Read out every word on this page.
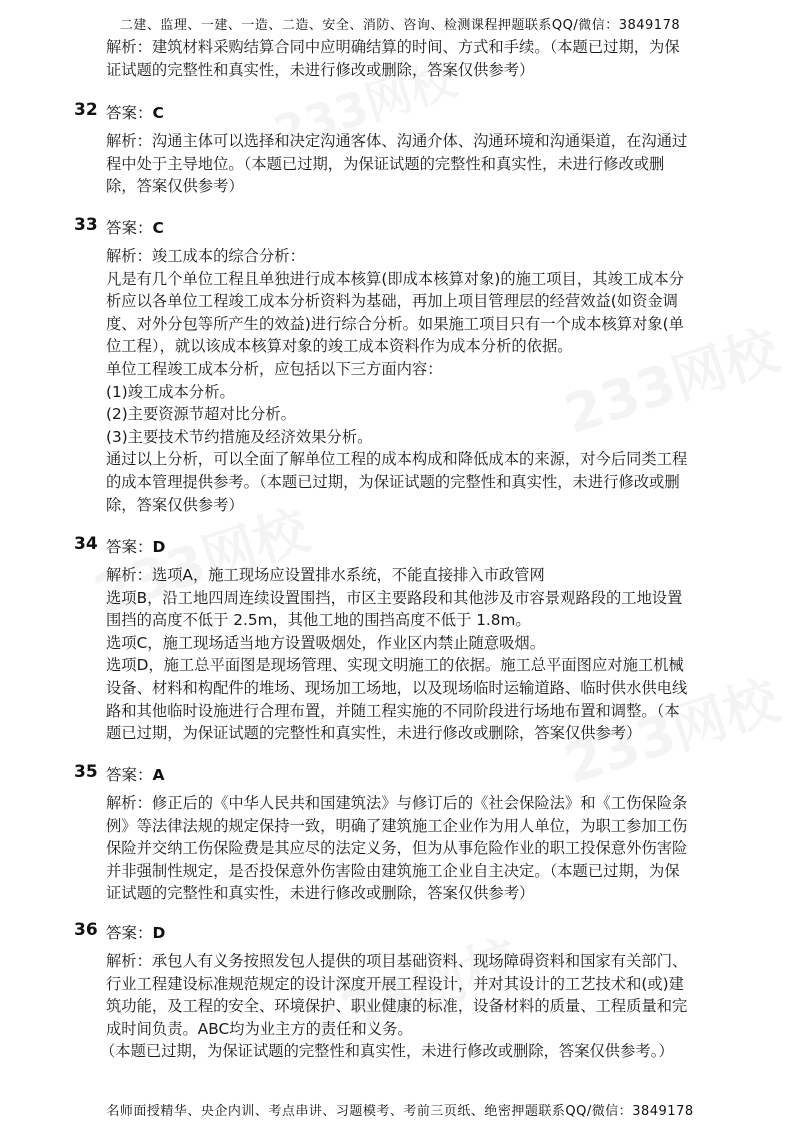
二建、监理、一建、一造、二造、安全、消防、咨询、检测课程押题联系QQ/微信：3849178
解析：建筑材料采购结算合同中应明确结算的时间、方式和手续。（本题已过期，为保
证试题的完整性和真实性，未进行修改或删除，答案仅供参考）
32 答案：C
解析：沟通主体可以选择和决定沟通客体、沟通介体、沟通环境和沟通渠道，在沟通过
程中处于主导地位。（本题已过期，为保证试题的完整性和真实性，未进行修改或删
除，答案仅供参考）
33 答案：C
解析：竣工成本的综合分析：
凡是有几个单位工程且单独进行成本核算(即成本核算对象)的施工项目，其竣工成本分
析应以各单位工程竣工成本分析资料为基础，再加上项目管理层的经营效益(如资金调
度、对外分包等所产生的效益)进行综合分析。如果施工项目只有一个成本核算对象(单
位工程），就以该成本核算对象的竣工成本资料作为成本分析的依据。
单位工程竣工成本分析，应包括以下三方面内容：
(1)竣工成本分析。
(2)主要资源节超对比分析。
(3)主要技术节约措施及经济效果分析。
通过以上分析，可以全面了解单位工程的成本构成和降低成本的来源，对今后同类工程
的成本管理提供参考。（本题已过期，为保证试题的完整性和真实性，未进行修改或删
除，答案仅供参考）
34 答案：D
解析：选项A，施工现场应设置排水系统，不能直接排入市政管网
选项B，沿工地四周连续设置围挡，市区主要路段和其他涉及市容景观路段的工地设置
围挡的高度不低于 2.5m，其他工地的围挡高度不低于 1.8m。
选项C，施工现场适当地方设置吸烟处，作业区内禁止随意吸烟。
选项D，施工总平面图是现场管理、实现文明施工的依据。施工总平面图应对施工机械
设备、材料和构配件的堆场、现场加工场地，以及现场临时运输道路、临时供水供电线
路和其他临时设施进行合理布置，并随工程实施的不同阶段进行场地布置和调整。（本
题已过期，为保证试题的完整性和真实性，未进行修改或删除，答案仅供参考）
35 答案：A
解析：修正后的《中华人民共和国建筑法》与修订后的《社会保险法》和《工伤保险条
例》等法律法规的规定保持一致，明确了建筑施工企业作为用人单位，为职工参加工伤
保险并交纳工伤保险费是其应尽的法定义务，但为从事危险作业的职工投保意外伤害险
并非强制性规定，是否投保意外伤害险由建筑施工企业自主决定。（本题已过期，为保
证试题的完整性和真实性，未进行修改或删除，答案仅供参考）
36 答案：D
解析：承包人有义务按照发包人提供的项目基础资料、现场障碍资料和国家有关部门、
行业工程建设标准规范规定的设计深度开展工程设计，并对其设计的工艺技术和(或)建
筑功能，及工程的安全、环境保护、职业健康的标准，设备材料的质量、工程质量和完
成时间负责。ABC均为业主方的责任和义务。
（本题已过期，为保证试题的完整性和真实性，未进行修改或删除，答案仅供参考。）
名师面授精华、央企内训、考点串讲、习题模考、考前三页纸、绝密押题联系QQ/微信：3849178
